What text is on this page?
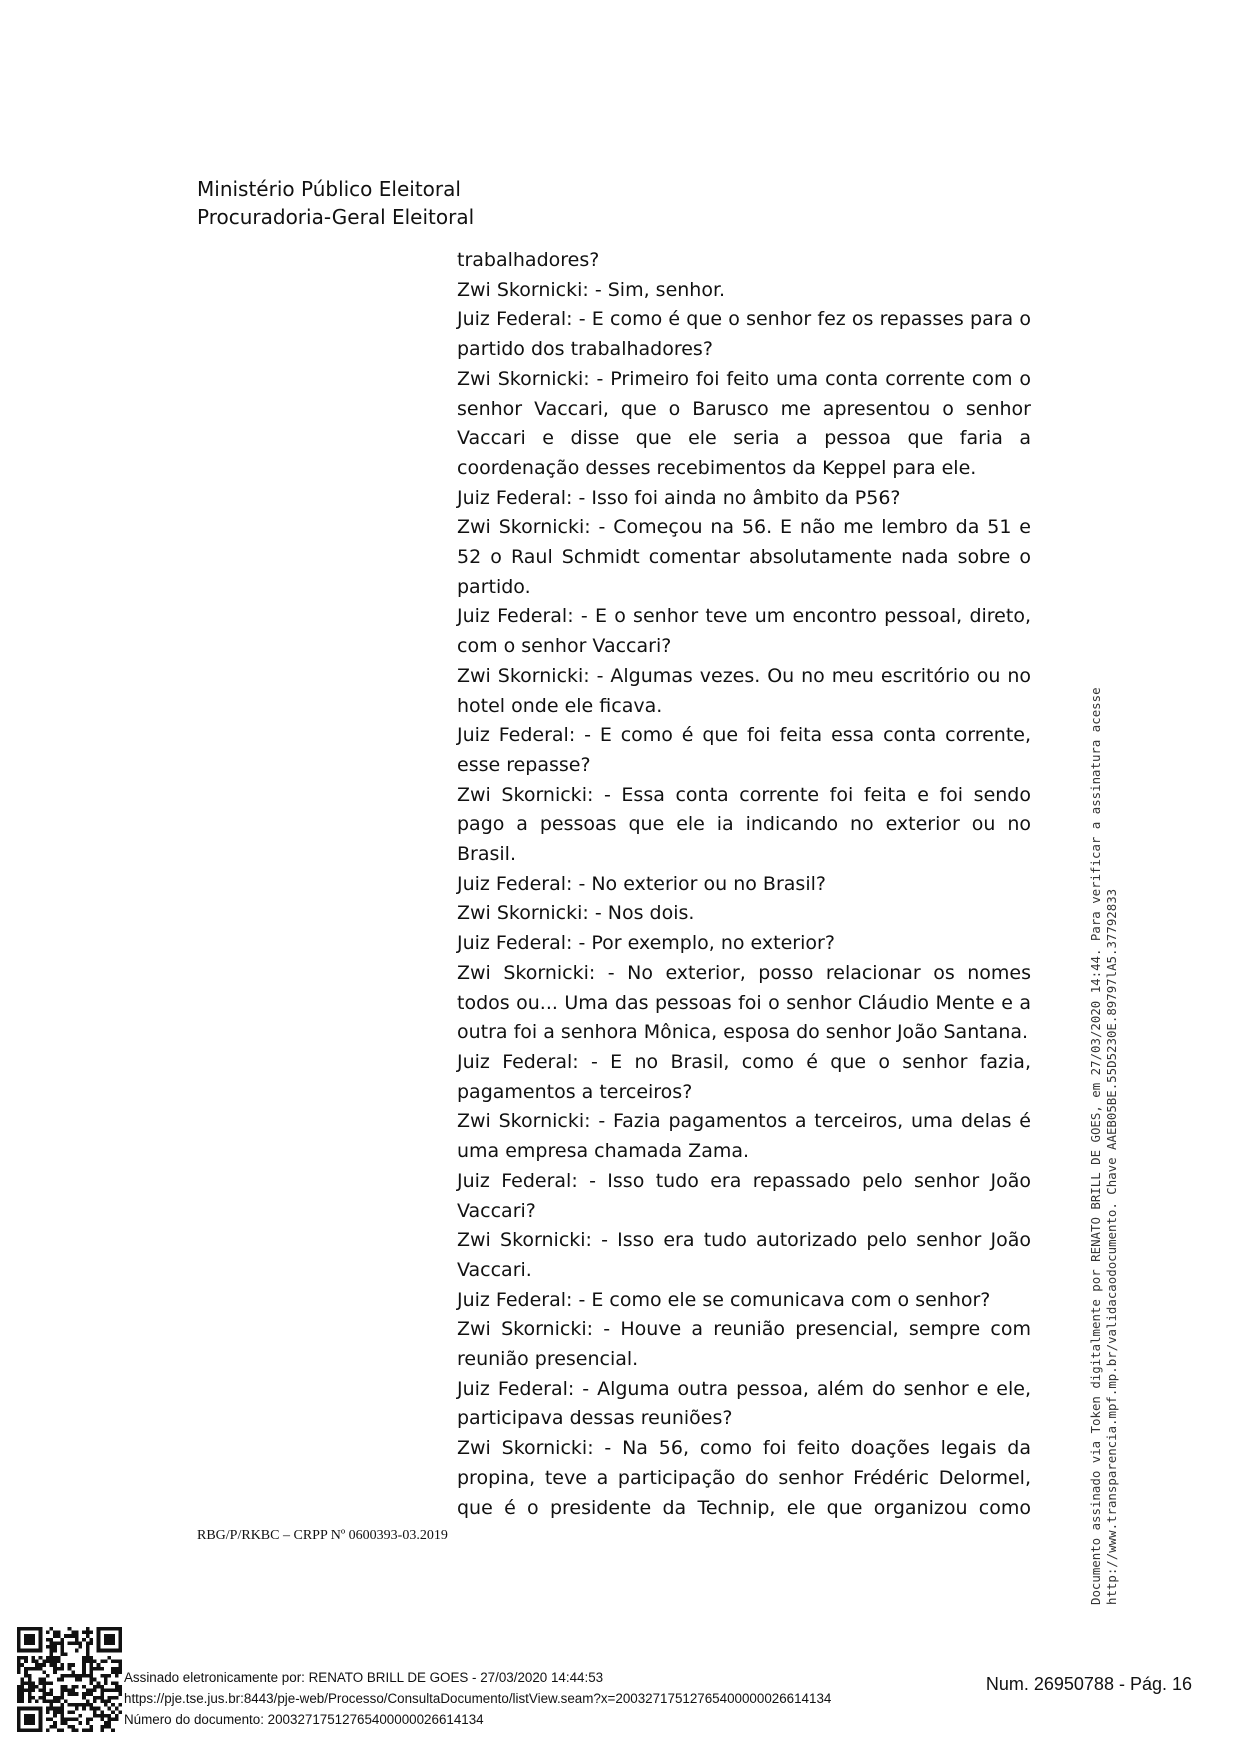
Ministério Público Eleitoral
Procuradoria-Geral Eleitoral

trabalhadores?

Zwi Skornicki: - Sim, senhor.

Juiz Federal: - E como é que o senhor fez os repasses para o partido dos trabalhadores?

Zwi Skornicki: - Primeiro foi feito uma conta corrente com o senhor Vaccari, que o Barusco me apresentou o senhor Vaccari e disse que ele seria a pessoa que faria a coordenação desses recebimentos da Keppel para ele.

Juiz Federal: - Isso foi ainda no âmbito da P56?

Zwi Skornicki: - Começou na 56. E não me lembro da 51 e 52 o Raul Schmidt comentar absolutamente nada sobre o partido.

Juiz Federal: - E o senhor teve um encontro pessoal, direto, com o senhor Vaccari?

Zwi Skornicki: - Algumas vezes. Ou no meu escritório ou no hotel onde ele ficava.

Juiz Federal: - E como é que foi feita essa conta corrente, esse repasse?

Zwi Skornicki: - Essa conta corrente foi feita e foi sendo pago a pessoas que ele ia indicando no exterior ou no Brasil.

Juiz Federal: - No exterior ou no Brasil?

Zwi Skornicki: - Nos dois.

Juiz Federal: - Por exemplo, no exterior?

Zwi Skornicki: - No exterior, posso relacionar os nomes todos ou... Uma das pessoas foi o senhor Cláudio Mente e a outra foi a senhora Mônica, esposa do senhor João Santana.

Juiz Federal: - E no Brasil, como é que o senhor fazia, pagamentos a terceiros?

Zwi Skornicki: - Fazia pagamentos a terceiros, uma delas é uma empresa chamada Zama.

Juiz Federal: - Isso tudo era repassado pelo senhor João Vaccari?

Zwi Skornicki: - Isso era tudo autorizado pelo senhor João Vaccari.

Juiz Federal: - E como ele se comunicava com o senhor?

Zwi Skornicki: - Houve a reunião presencial, sempre com reunião presencial.

Juiz Federal: - Alguma outra pessoa, além do senhor e ele, participava dessas reuniões?

Zwi Skornicki: - Na 56, como foi feito doações legais da propina, teve a participação do senhor Frédéric Delormel, que é o presidente da Technip, ele que organizou como

RBG/P/RKBC – CRPP Nº 0600393-03.2019	Documento assinado via Token digitalmente por RENATO BRILL DE GOES, em 27/03/2020 14:44. Para verificar a assinatura acesse http://www.transparencia.mpf.mp.br/validacaodocumento. Chave AAEB05BE.55D5230E.89797lA5.37792833
Assinado eletronicamente por: RENATO BRILL DE GOES - 27/03/2020 14:44:53
https://pje.tse.jus.br:8443/pje-web/Processo/ConsultaDocumento/listView.seam?x=20032717512765400000026614134
Número do documento: 20032717512765400000026614134
Num. 26950788 - Pág. 16
